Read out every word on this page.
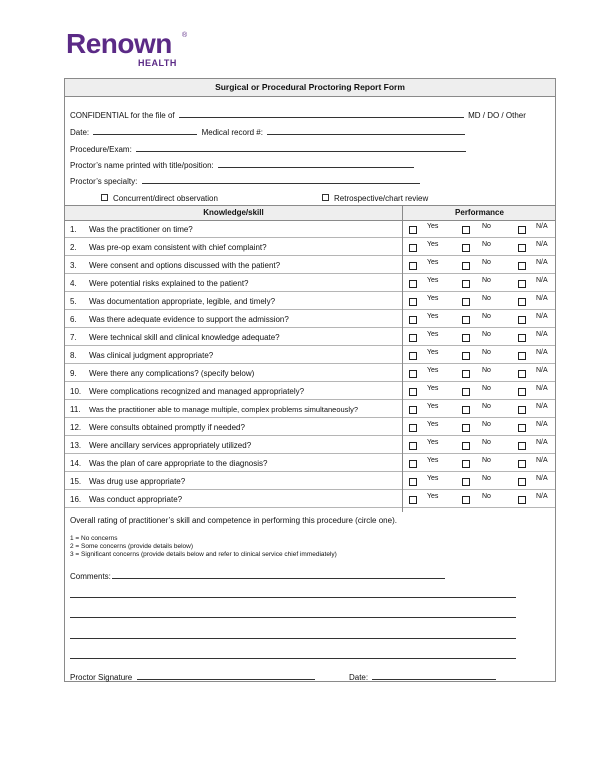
Renown ®
HEALTH
Surgical or Procedural Proctoring Report Form
CONFIDENTIAL for the file of	MD / DO / Other
Date:	Medical record #:
Procedure/Exam:
Proctor’s name printed with title/position:
Proctor’s specialty:
Concurrent/direct observation	Retrospective/chart review
Knowledge/skill	Performance
1. Was the practitioner on time?	Yes	No	N/A
2. Was pre-op exam consistent with chief complaint?	Yes	No	N/A
3. Were consent and options discussed with the patient?	Yes	No	N/A
4. Were potential risks explained to the patient?	Yes	No	N/A
5. Was documentation appropriate, legible, and timely?	Yes	No	N/A
6. Was there adequate evidence to support the admission?	Yes	No	N/A
7. Were technical skill and clinical knowledge adequate?	Yes	No	N/A
8. Was clinical judgment appropriate?	Yes	No	N/A
9. Were there any complications? (specify below)	Yes	No	N/A
10. Were complications recognized and managed appropriately?	Yes	No	N/A
11. Was the practitioner able to manage multiple, complex problems simultaneously?	Yes	No	N/A
12. Were consults obtained promptly if needed?	Yes	No	N/A
13. Were ancillary services appropriately utilized?	Yes	No	N/A
14. Was the plan of care appropriate to the diagnosis?	Yes	No	N/A
15. Was drug use appropriate?	Yes	No	N/A
16. Was conduct appropriate?	Yes	No	N/A
Overall rating of practitioner’s skill and competence in performing this procedure (circle one).
1 = No concerns
2 = Some concerns (provide details below)
3 = Significant concerns (provide details below and refer to clinical service chief immediately)
Comments:
Proctor Signature	Date:
